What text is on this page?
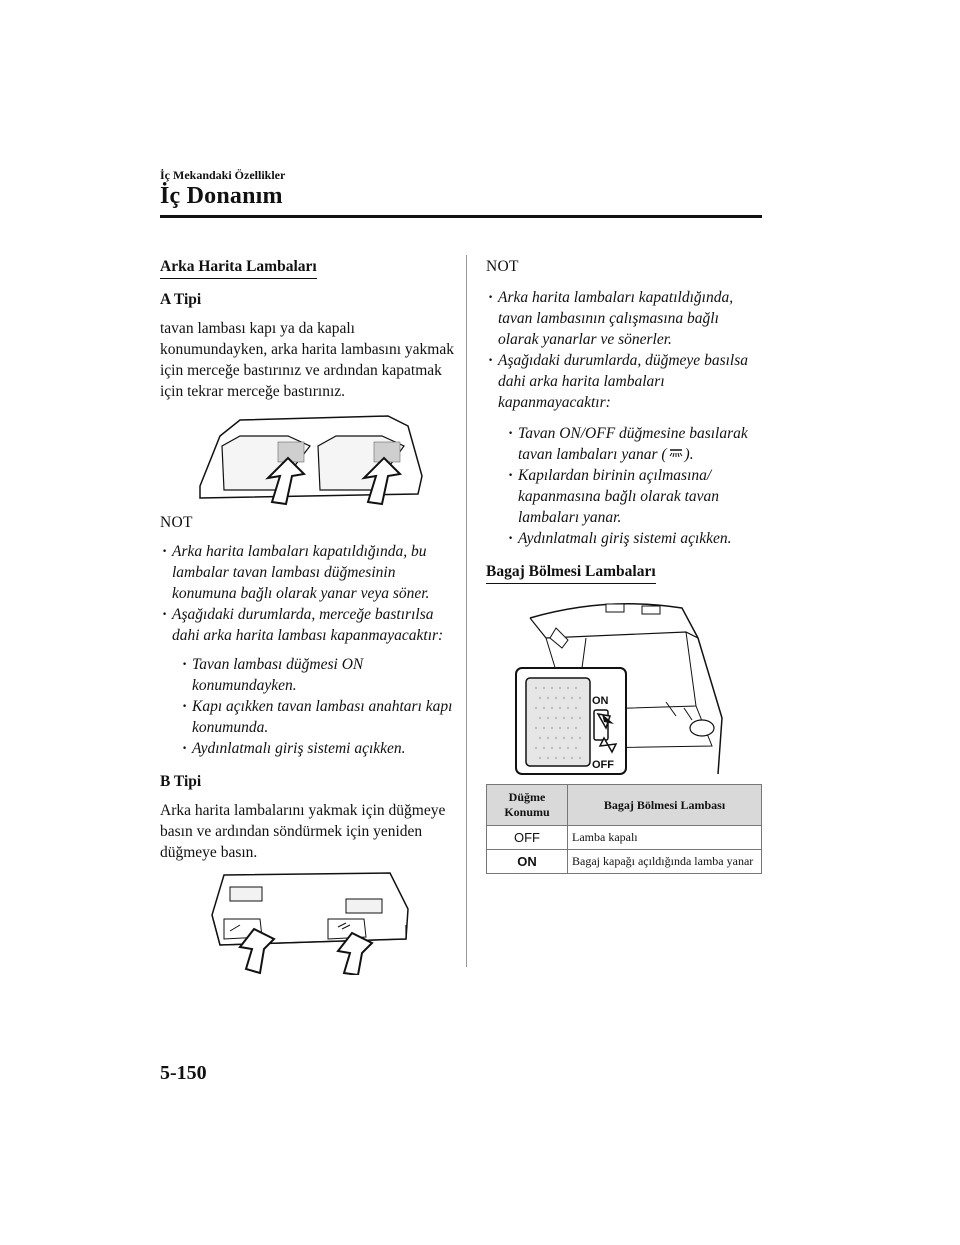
İç Mekandaki Özellikler
İç Donanım
Arka Harita Lambaları

A Tipi

tavan lambası kapı ya da kapalı konumundayken, arka harita lambasını yakmak için merceğe bastırınız ve ardından kapatmak için tekrar merceğe bastırınız.

NOT

· Arka harita lambaları kapatıldığında, bu lambalar tavan lambası düğmesinin konumuna bağlı olarak yanar veya söner.

· Aşağıdaki durumlarda, merceğe bastırılsa dahi arka harita lambası kapanmayacaktır:

· Tavan lambası düğmesi ON konumundayken.

· Kapı açıkken tavan lambası anahtarı kapı konumunda.

· Aydınlatmalı giriş sistemi açıkken.

B Tipi

Arka harita lambalarını yakmak için düğmeye basın ve ardından söndürmek için yeniden düğmeye basın.

NOT

· Arka harita lambaları kapatıldığında, tavan lambasının çalışmasına bağlı olarak yanarlar ve sönerler.

· Aşağıdaki durumlarda, düğmeye basılsa dahi arka harita lambaları kapanmayacaktır:

· Tavan ON/OFF düğmesine basılarak tavan lambaları yanar ( ).

· Kapılardan birinin açılmasına/ kapanmasına bağlı olarak tavan lambaları yanar.

· Aydınlatmalı giriş sistemi açıkken.

Bagaj Bölmesi Lambaları
ON
OFF
Düğme Konumu	Bagaj Bölmesi Lambası
OFF	Lamba kapalı
ON	Bagaj kapağı açıldığında lamba yanar
5-150
